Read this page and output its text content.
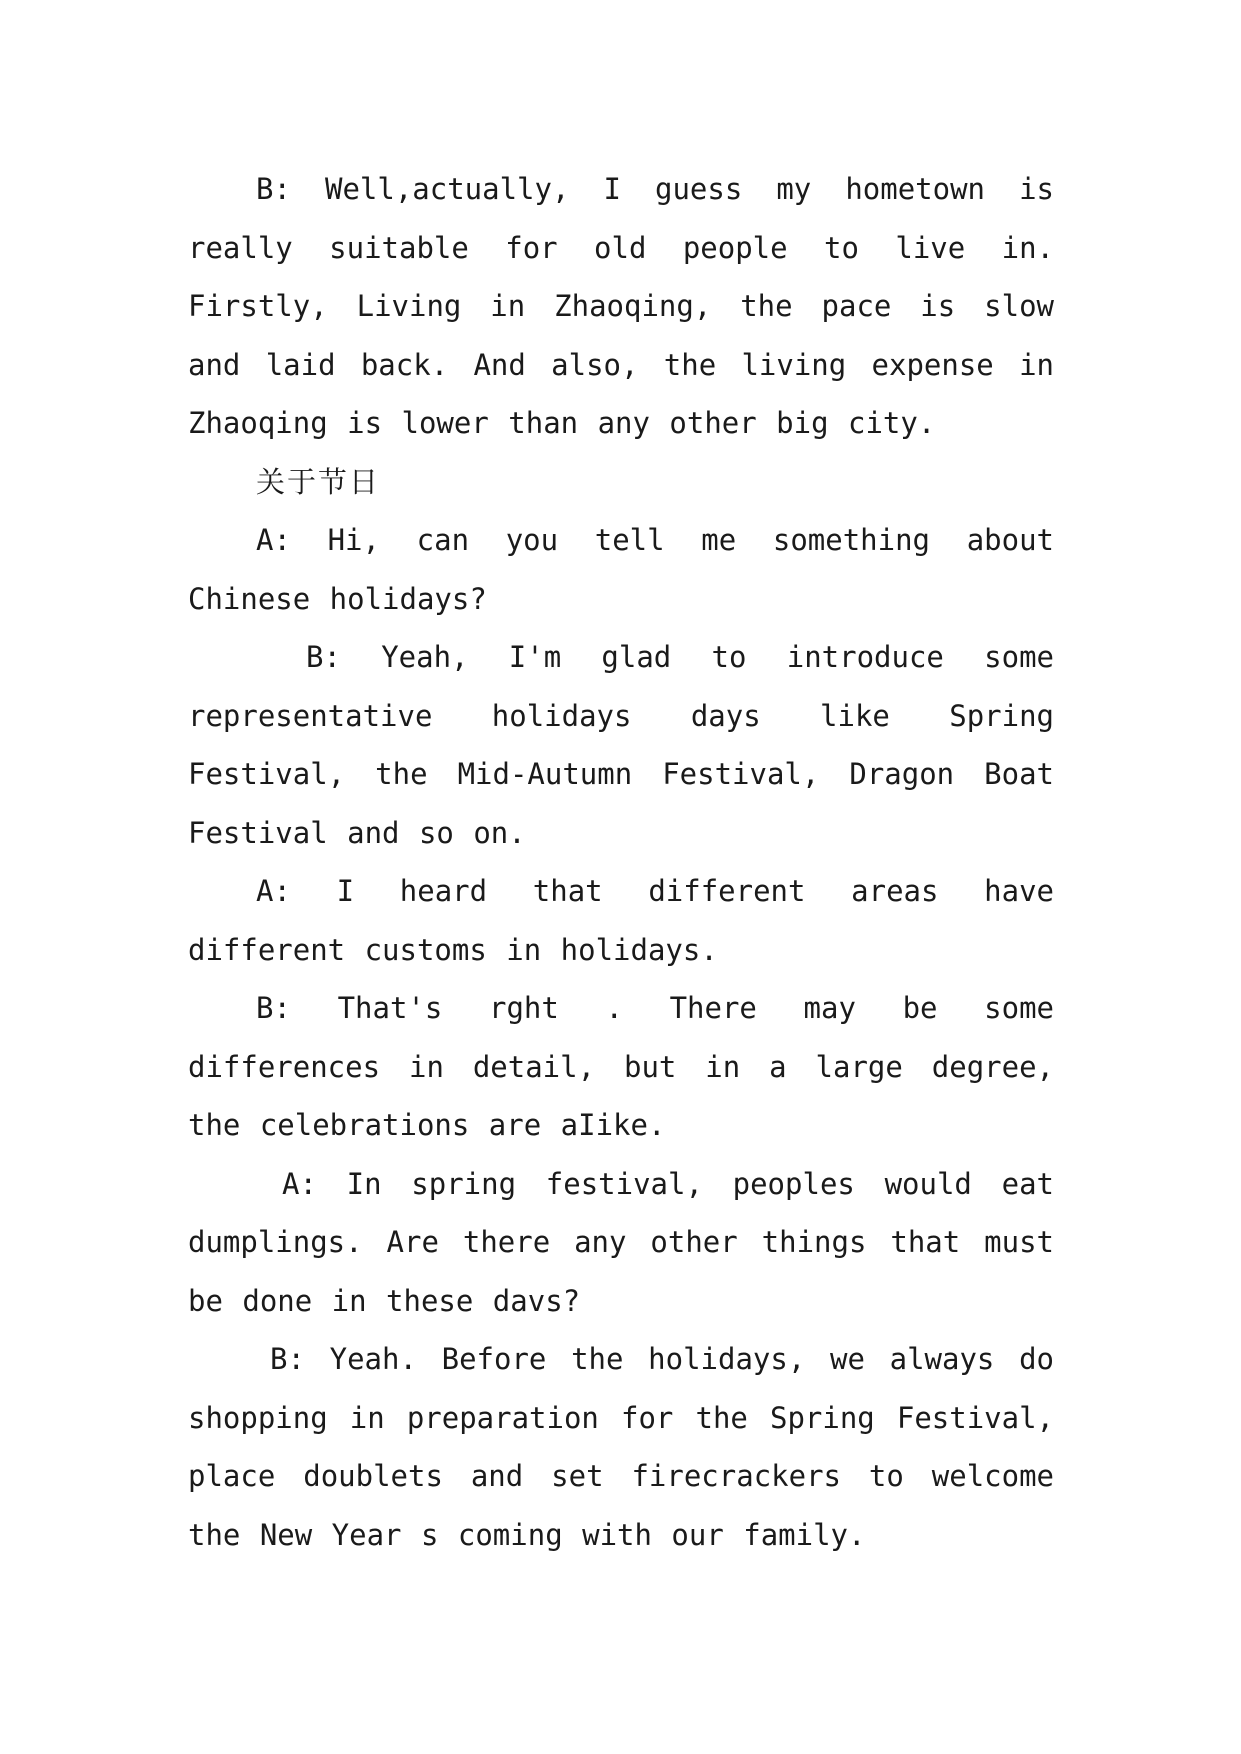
B: Well,actually, I guess my hometown is really suitable for old people to live in. Firstly, Living in Zhaoqing, the pace is slow and laid back. And also, the living expense in Zhaoqing is lower than any other big city.

关于节日

A: Hi, can you tell me something about Chinese holidays?

B: Yeah, I'm glad to introduce some representative holidays days like Spring Festival, the Mid-Autumn Festival, Dragon Boat Festival and so on.

A: I heard that different areas have different customs in holidays.

B: That's rght . There may be some differences in detail, but in a large degree, the celebrations are aIike.

A: In spring festival, peoples would eat dumplings. Are there any other things that must be done in these davs?

B: Yeah. Before the holidays, we always do shopping in preparation for the Spring Festival, place doublets and set firecrackers to welcome the New Year s coming with our family.
